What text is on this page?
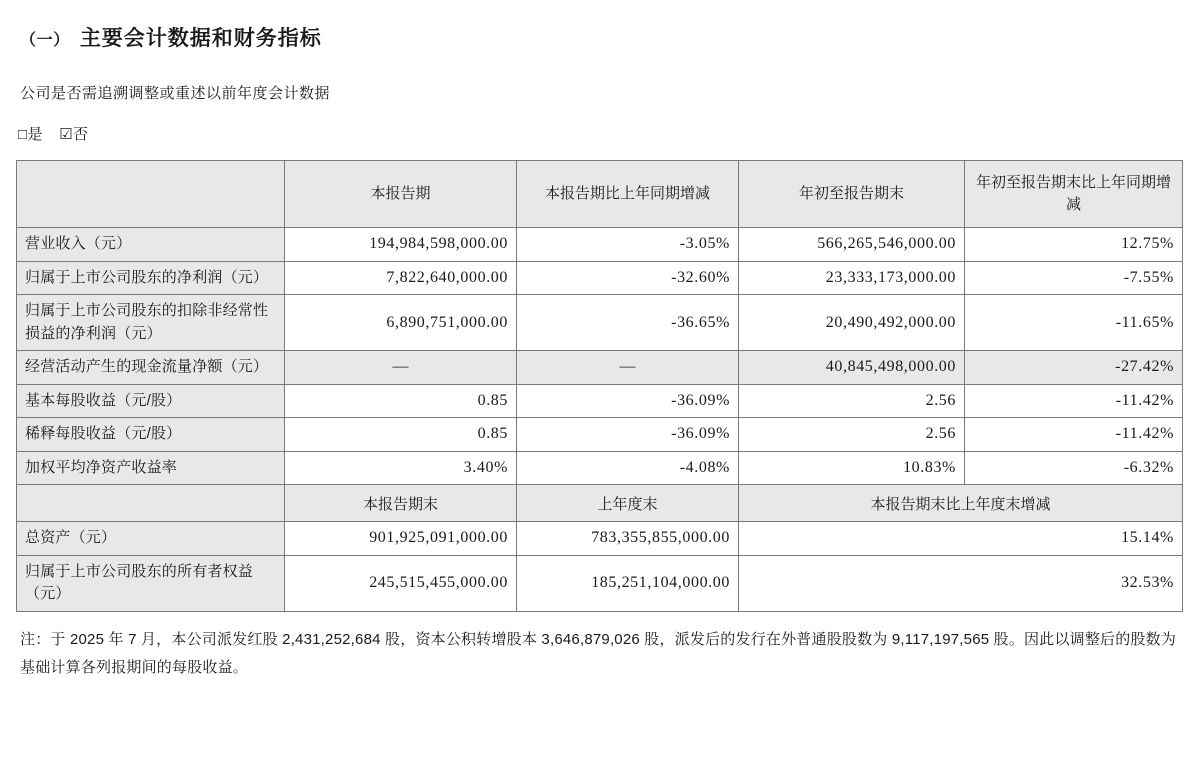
（一） 主要会计数据和财务指标

公司是否需追溯调整或重述以前年度会计数据

□是 ☑否
	本报告期	本报告期比上年同期增减	年初至报告期末	年初至报告期末比上年同期增减
营业收入（元）	194,984,598,000.00	-3.05%	566,265,546,000.00	12.75%
归属于上市公司股东的净利润（元）	7,822,640,000.00	-32.60%	23,333,173,000.00	-7.55%
归属于上市公司股东的扣除非经常性损益的净利润（元）	6,890,751,000.00	-36.65%	20,490,492,000.00	-11.65%
经营活动产生的现金流量净额（元）	—	—	40,845,498,000.00	-27.42%
基本每股收益（元/股）	0.85	-36.09%	2.56	-11.42%
稀释每股收益（元/股）	0.85	-36.09%	2.56	-11.42%
加权平均净资产收益率	3.40%	-4.08%	10.83%	-6.32%
	本报告期末	上年度末	本报告期末比上年度末增减	
总资产（元）	901,925,091,000.00	783,355,855,000.00	15.14%	
归属于上市公司股东的所有者权益（元）	245,515,455,000.00	185,251,104,000.00	32.53%	
注：于 2025 年 7 月，本公司派发红股 2,431,252,684 股，资本公积转增股本 3,646,879,026 股，派发后的发行在外普通股股数为 9,117,197,565 股。因此以调整后的股数为基础计算各列报期间的每股收益。
